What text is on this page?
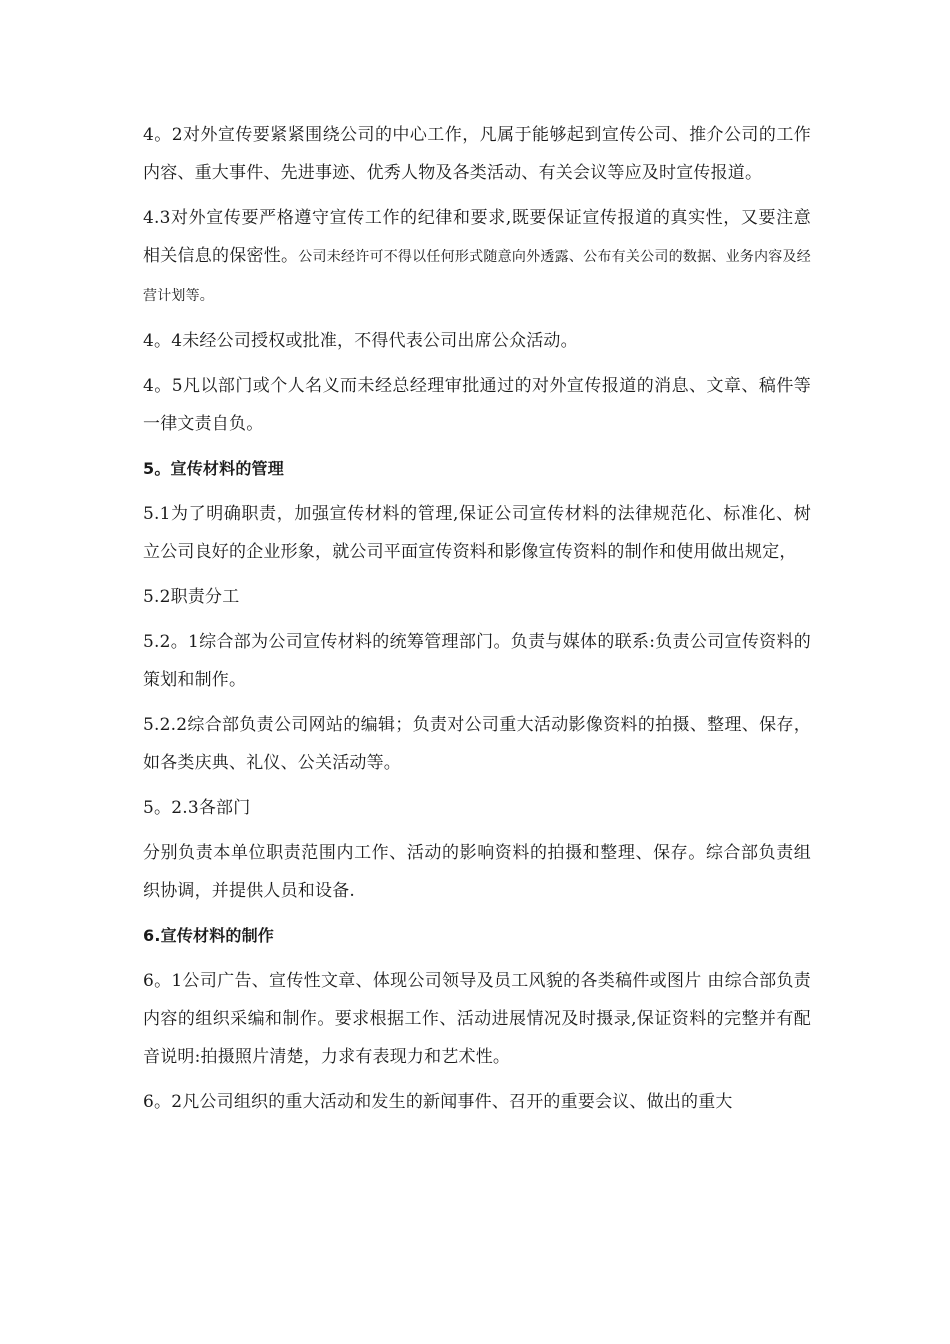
4。2对外宣传要紧紧围绕公司的中心工作，凡属于能够起到宣传公司、推介公司的工作内容、重大事件、先进事迹、优秀人物及各类活动、有关会议等应及时宣传报道。

4.3对外宣传要严格遵守宣传工作的纪律和要求,既要保证宣传报道的真实性，又要注意相关信息的保密性。公司未经许可不得以任何形式随意向外透露、公布有关公司的数据、业务内容及经营计划等。

4。4未经公司授权或批准，不得代表公司出席公众活动。

4。5凡以部门或个人名义而未经总经理审批通过的对外宣传报道的消息、文章、稿件等一律文责自负。

5。宣传材料的管理

5.1为了明确职责，加强宣传材料的管理,保证公司宣传材料的法律规范化、标准化、树立公司良好的企业形象，就公司平面宣传资料和影像宣传资料的制作和使用做出规定，

5.2职责分工

5.2。1综合部为公司宣传材料的统筹管理部门。负责与媒体的联系:负责公司宣传资料的策划和制作。

5.2.2综合部负责公司网站的编辑；负责对公司重大活动影像资料的拍摄、整理、保存，如各类庆典、礼仪、公关活动等。

5。2.3各部门

分别负责本单位职责范围内工作、活动的影响资料的拍摄和整理、保存。综合部负责组织协调，并提供人员和设备.

6.宣传材料的制作

6。1公司广告、宣传性文章、体现公司领导及员工风貌的各类稿件或图片 由综合部负责内容的组织采编和制作。要求根据工作、活动进展情况及时摄录,保证资料的完整并有配音说明:拍摄照片清楚，力求有表现力和艺术性。

6。2凡公司组织的重大活动和发生的新闻事件、召开的重要会议、做出的重大
